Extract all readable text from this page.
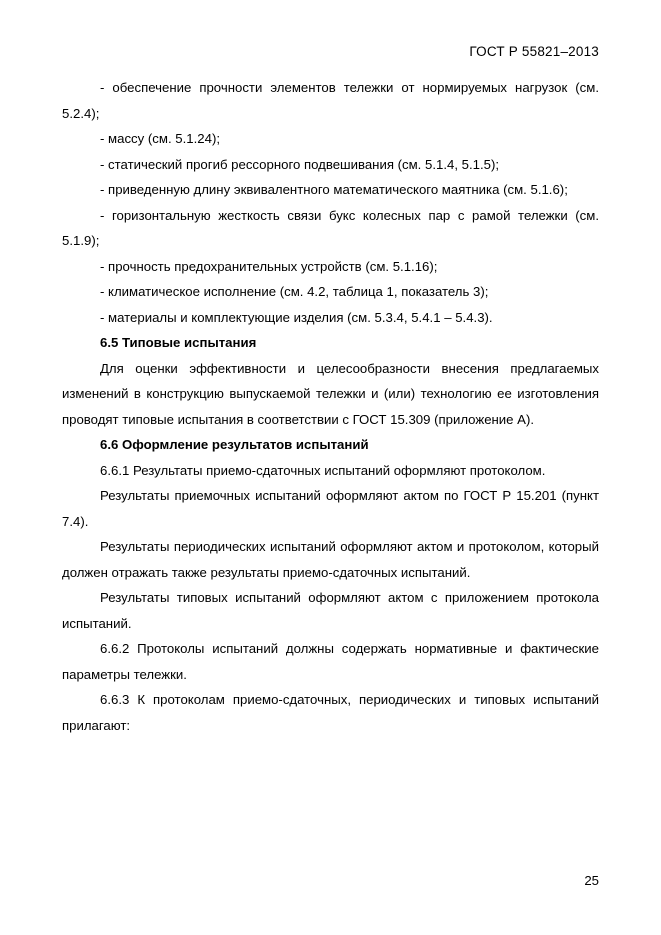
ГОСТ Р 55821–2013

- обеспечение прочности элементов тележки от нормируемых нагрузок (см. 5.2.4);

- массу (см. 5.1.24);

- статический прогиб рессорного подвешивания (см. 5.1.4, 5.1.5);

- приведенную длину эквивалентного математического маятника (см. 5.1.6);

- горизонтальную жесткость связи букс колесных пар с рамой тележки (см. 5.1.9);

- прочность предохранительных устройств (см. 5.1.16);

- климатическое исполнение (см. 4.2, таблица 1, показатель 3);

- материалы и комплектующие изделия (см. 5.3.4, 5.4.1 – 5.4.3).

6.5 Типовые испытания

Для оценки эффективности и целесообразности внесения предлагаемых изменений в конструкцию выпускаемой тележки и (или) технологию ее изготовления проводят типовые испытания в соответствии с ГОСТ 15.309 (приложение А).

6.6 Оформление результатов испытаний

6.6.1 Результаты приемо-сдаточных испытаний оформляют протоколом.

Результаты приемочных испытаний оформляют актом по ГОСТ Р 15.201 (пункт 7.4).

Результаты периодических испытаний оформляют актом и протоколом, который должен отражать также результаты приемо-сдаточных испытаний.

Результаты типовых испытаний оформляют актом с приложением протокола испытаний.

6.6.2 Протоколы испытаний должны содержать нормативные и фактические параметры тележки.

6.6.3 К протоколам приемо-сдаточных, периодических и типовых испытаний прилагают:

25
